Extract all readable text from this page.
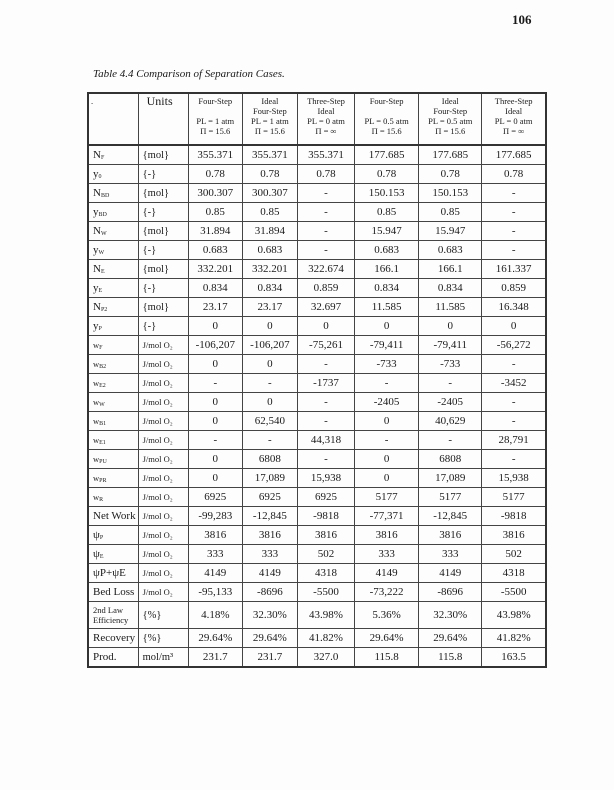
106
Table 4.4 Comparison of Separation Cases.
.	Units	Four-Step
PL = 1 atm
Π = 15.6	Ideal
Four-Step
PL = 1 atm
Π = 15.6	Three-Step
Ideal
PL = 0 atm
Π = ∞	Four-Step
PL = 0.5 atm
Π = 15.6	Ideal
Four-Step
PL = 0.5 atm
Π = 15.6	Three-Step
Ideal
PL = 0 atm
Π = ∞

$N_F$	{mol}	355.371	355.371	355.371	177.685	177.685	177.685
$y_0$	{-}	0.78	0.78	0.78	0.78	0.78	0.78
$N_{BD}$	{mol}	300.307	300.307	-	150.153	150.153	-
$y_{BD}$	{-}	0.85	0.85	-	0.85	0.85	-
$N_W$	{mol}	31.894	31.894	-	15.947	15.947	-
$y_W$	{-}	0.683	0.683	-	0.683	0.683	-
$N_E$	{mol}	332.201	332.201	322.674	166.1	166.1	161.337
$y_E$	{-}	0.834	0.834	0.859	0.834	0.834	0.859
$N_{P2}$	{mol}	23.17	23.17	32.697	11.585	11.585	16.348
$y_P$	{-}	0	0	0	0	0	0
$w_F$	J/mol O₂	-106,207	-106,207	-75,261	-79,411	-79,411	-56,272
$w_{B2}$	J/mol O₂	0	0	-	-733	-733	-
$w_{E2}$	J/mol O₂	-	-	-1737	-	-	-3452
$w_W$	J/mol O₂	0	0	-	-2405	-2405	-
$w_{B1}$	J/mol O₂	0	62,540	-	0	40,629	-
$w_{E1}$	J/mol O₂	-	-	44,318	-	-	28,791
$w_{PU}$	J/mol O₂	0	6808	-	0	6808	-
$w_{PR}$	J/mol O₂	0	17,089	15,938	0	17,089	15,938
$w_R$	J/mol O₂	6925	6925	6925	5177	5177	5177
Net Work	J/mol O₂	-99,283	-12,845	-9818	-77,371	-12,845	-9818
$\psi_P$	J/mol O₂	3816	3816	3816	3816	3816	3816
$\psi_E$	J/mol O₂	333	333	502	333	333	502
ψP+ψE	J/mol O₂	4149	4149	4318	4149	4149	4318
Bed Loss	J/mol O₂	-95,133	-8696	-5500	-73,222	-8696	-5500
2nd Law Efficiency	{%}	4.18%	32.30%	43.98%	5.36%	32.30%	43.98%
Recovery	{%}	29.64%	29.64%	41.82%	29.64%	29.64%	41.82%
Prod.	mol/m³	231.7	231.7	327.0	115.8	115.8	163.5
